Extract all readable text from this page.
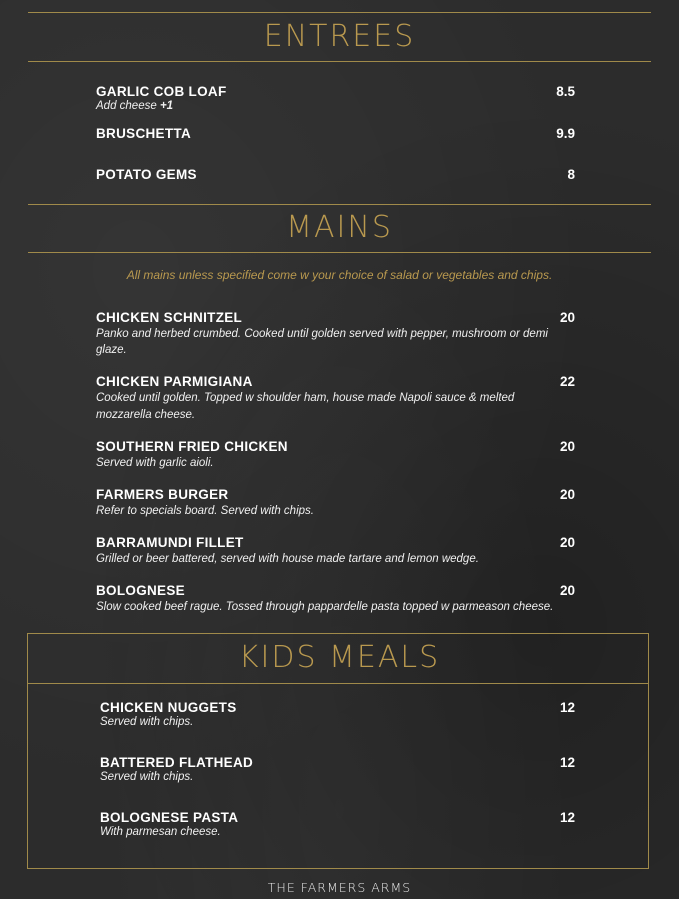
ENTREES
GARLIC COB LOAF	8.5
Add cheese +1
BRUSCHETTA	9.9
POTATO GEMS	8
MAINS
All mains unless specified come w your choice of salad or vegetables and chips.
CHICKEN SCHNITZEL	20
Panko and herbed crumbed. Cooked until golden served with pepper, mushroom or demi
glaze.
CHICKEN PARMIGIANA	22
Cooked until golden. Topped w shoulder ham, house made Napoli sauce & melted
mozzarella cheese.
SOUTHERN FRIED CHICKEN	20
Served with garlic aioli.
FARMERS BURGER	20
Refer to specials board. Served with chips.
BARRAMUNDI FILLET	20
Grilled or beer battered, served with house made tartare and lemon wedge.
BOLOGNESE	20
Slow cooked beef rague. Tossed through pappardelle pasta topped w parmeason cheese.
KIDS MEALS
CHICKEN NUGGETS	12
Served with chips.
BATTERED FLATHEAD	12
Served with chips.
BOLOGNESE PASTA	12
With parmesan cheese.
THE FARMERS ARMS
